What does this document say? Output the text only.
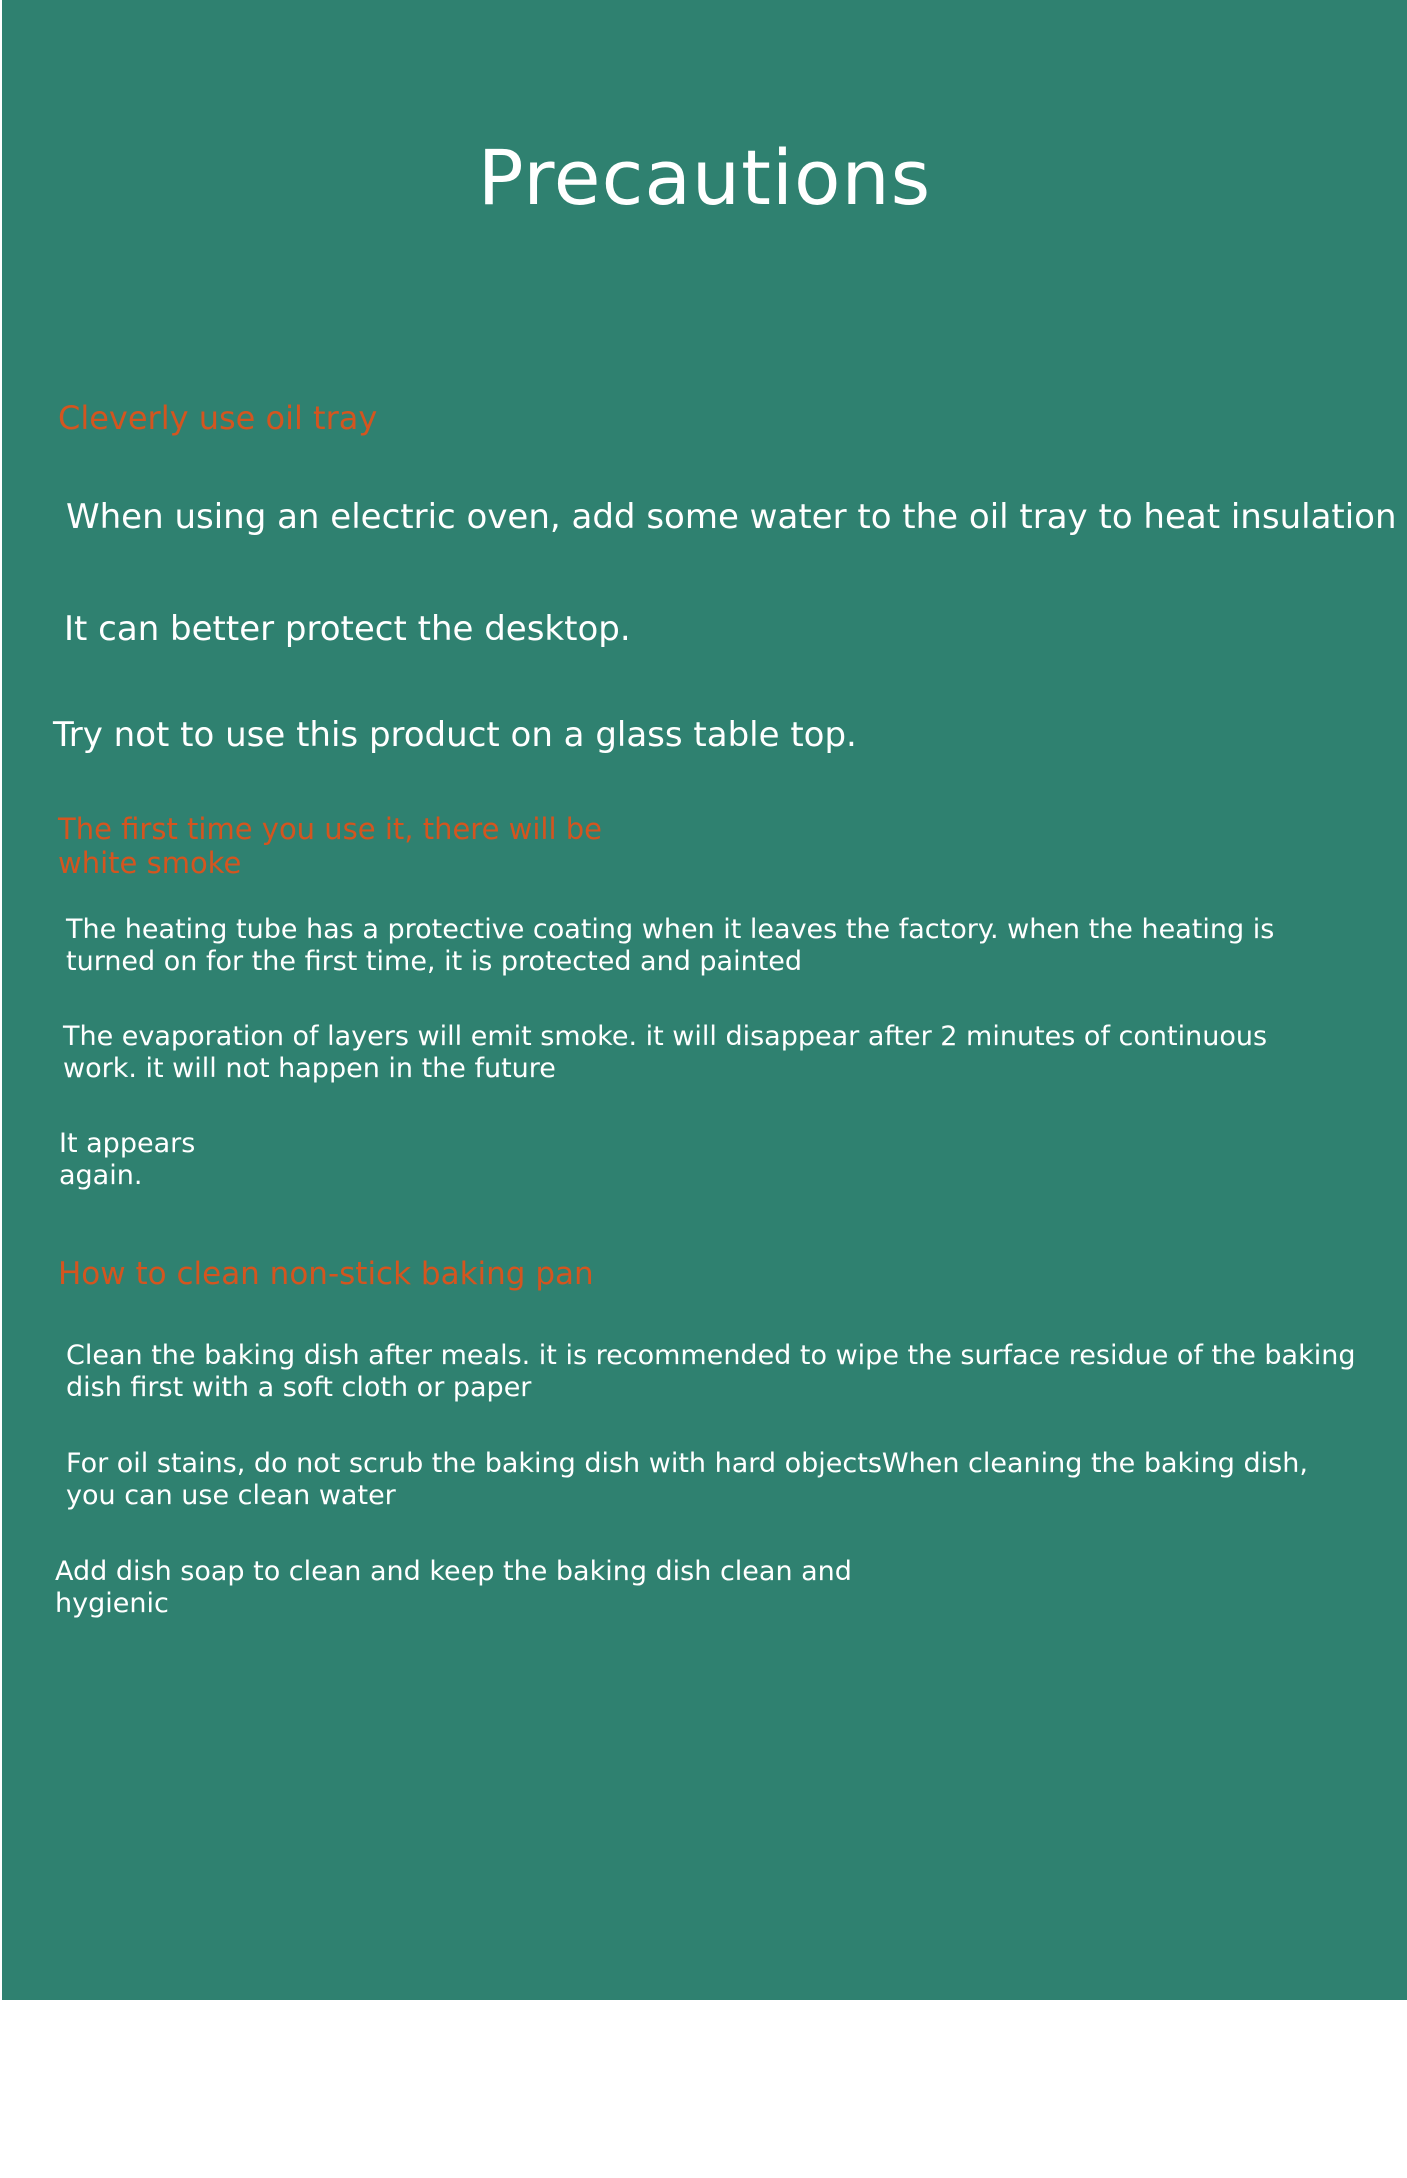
Precautions
Cleverly use oil tray

When using an electric oven, add some water to the oil tray to heat insulation

It can better protect the desktop.

Try not to use this product on a glass table top.

The first time you use it, there will be
white smoke

The heating tube has a protective coating when it leaves the factory. when the heating is
turned on for the first time, it is protected and painted

The evaporation of layers will emit smoke. it will disappear after 2 minutes of continuous
work. it will not happen in the future

It appears
again.

How to clean non-stick baking pan

Clean the baking dish after meals. it is recommended to wipe the surface residue of the baking
dish first with a soft cloth or paper

For oil stains, do not scrub the baking dish with hard objectsWhen cleaning the baking dish,
you can use clean water

Add dish soap to clean and keep the baking dish clean and
hygienic
